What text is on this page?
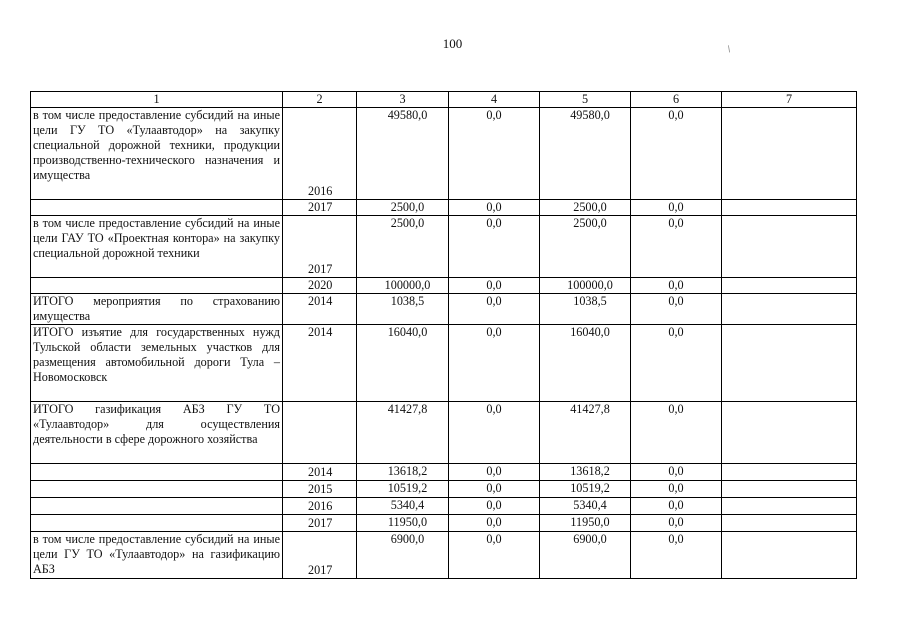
100	/
1	2	3	4	5	6	7
в том числе предоставление субсидий на иные цели ГУ ТО «Тулаавтодор» на закупку специальной дорожной техники, продукции производственно-технического назначения и имущества	2016	49580,0	0,0	49580,0	0,0	
	2017	2500,0	0,0	2500,0	0,0	
в том числе предоставление субсидий на иные цели ГАУ ТО «Проектная контора» на закупку специальной дорожной техники	2017	2500,0	0,0	2500,0	0,0	
	2020	100000,0	0,0	100000,0	0,0	
ИТОГО мероприятия по страхованию имущества	2014	1038,5	0,0	1038,5	0,0	
ИТОГО изъятие для государственных нужд Тульской области земельных участков для размещения автомобильной дороги Тула – Новомосковск	2014	16040,0	0,0	16040,0	0,0	
ИТОГО газификация АБЗ ГУ ТО «Тулаавтодор» для осуществления деятельности в сфере дорожного хозяйства		41427,8	0,0	41427,8	0,0	
	2014	13618,2	0,0	13618,2	0,0	
	2015	10519,2	0,0	10519,2	0,0	
	2016	5340,4	0,0	5340,4	0,0	
	2017	11950,0	0,0	11950,0	0,0	
в том числе предоставление субсидий на иные цели ГУ ТО «Тулаавтодор» на газификацию АБЗ	2017	6900,0	0,0	6900,0	0,0	
